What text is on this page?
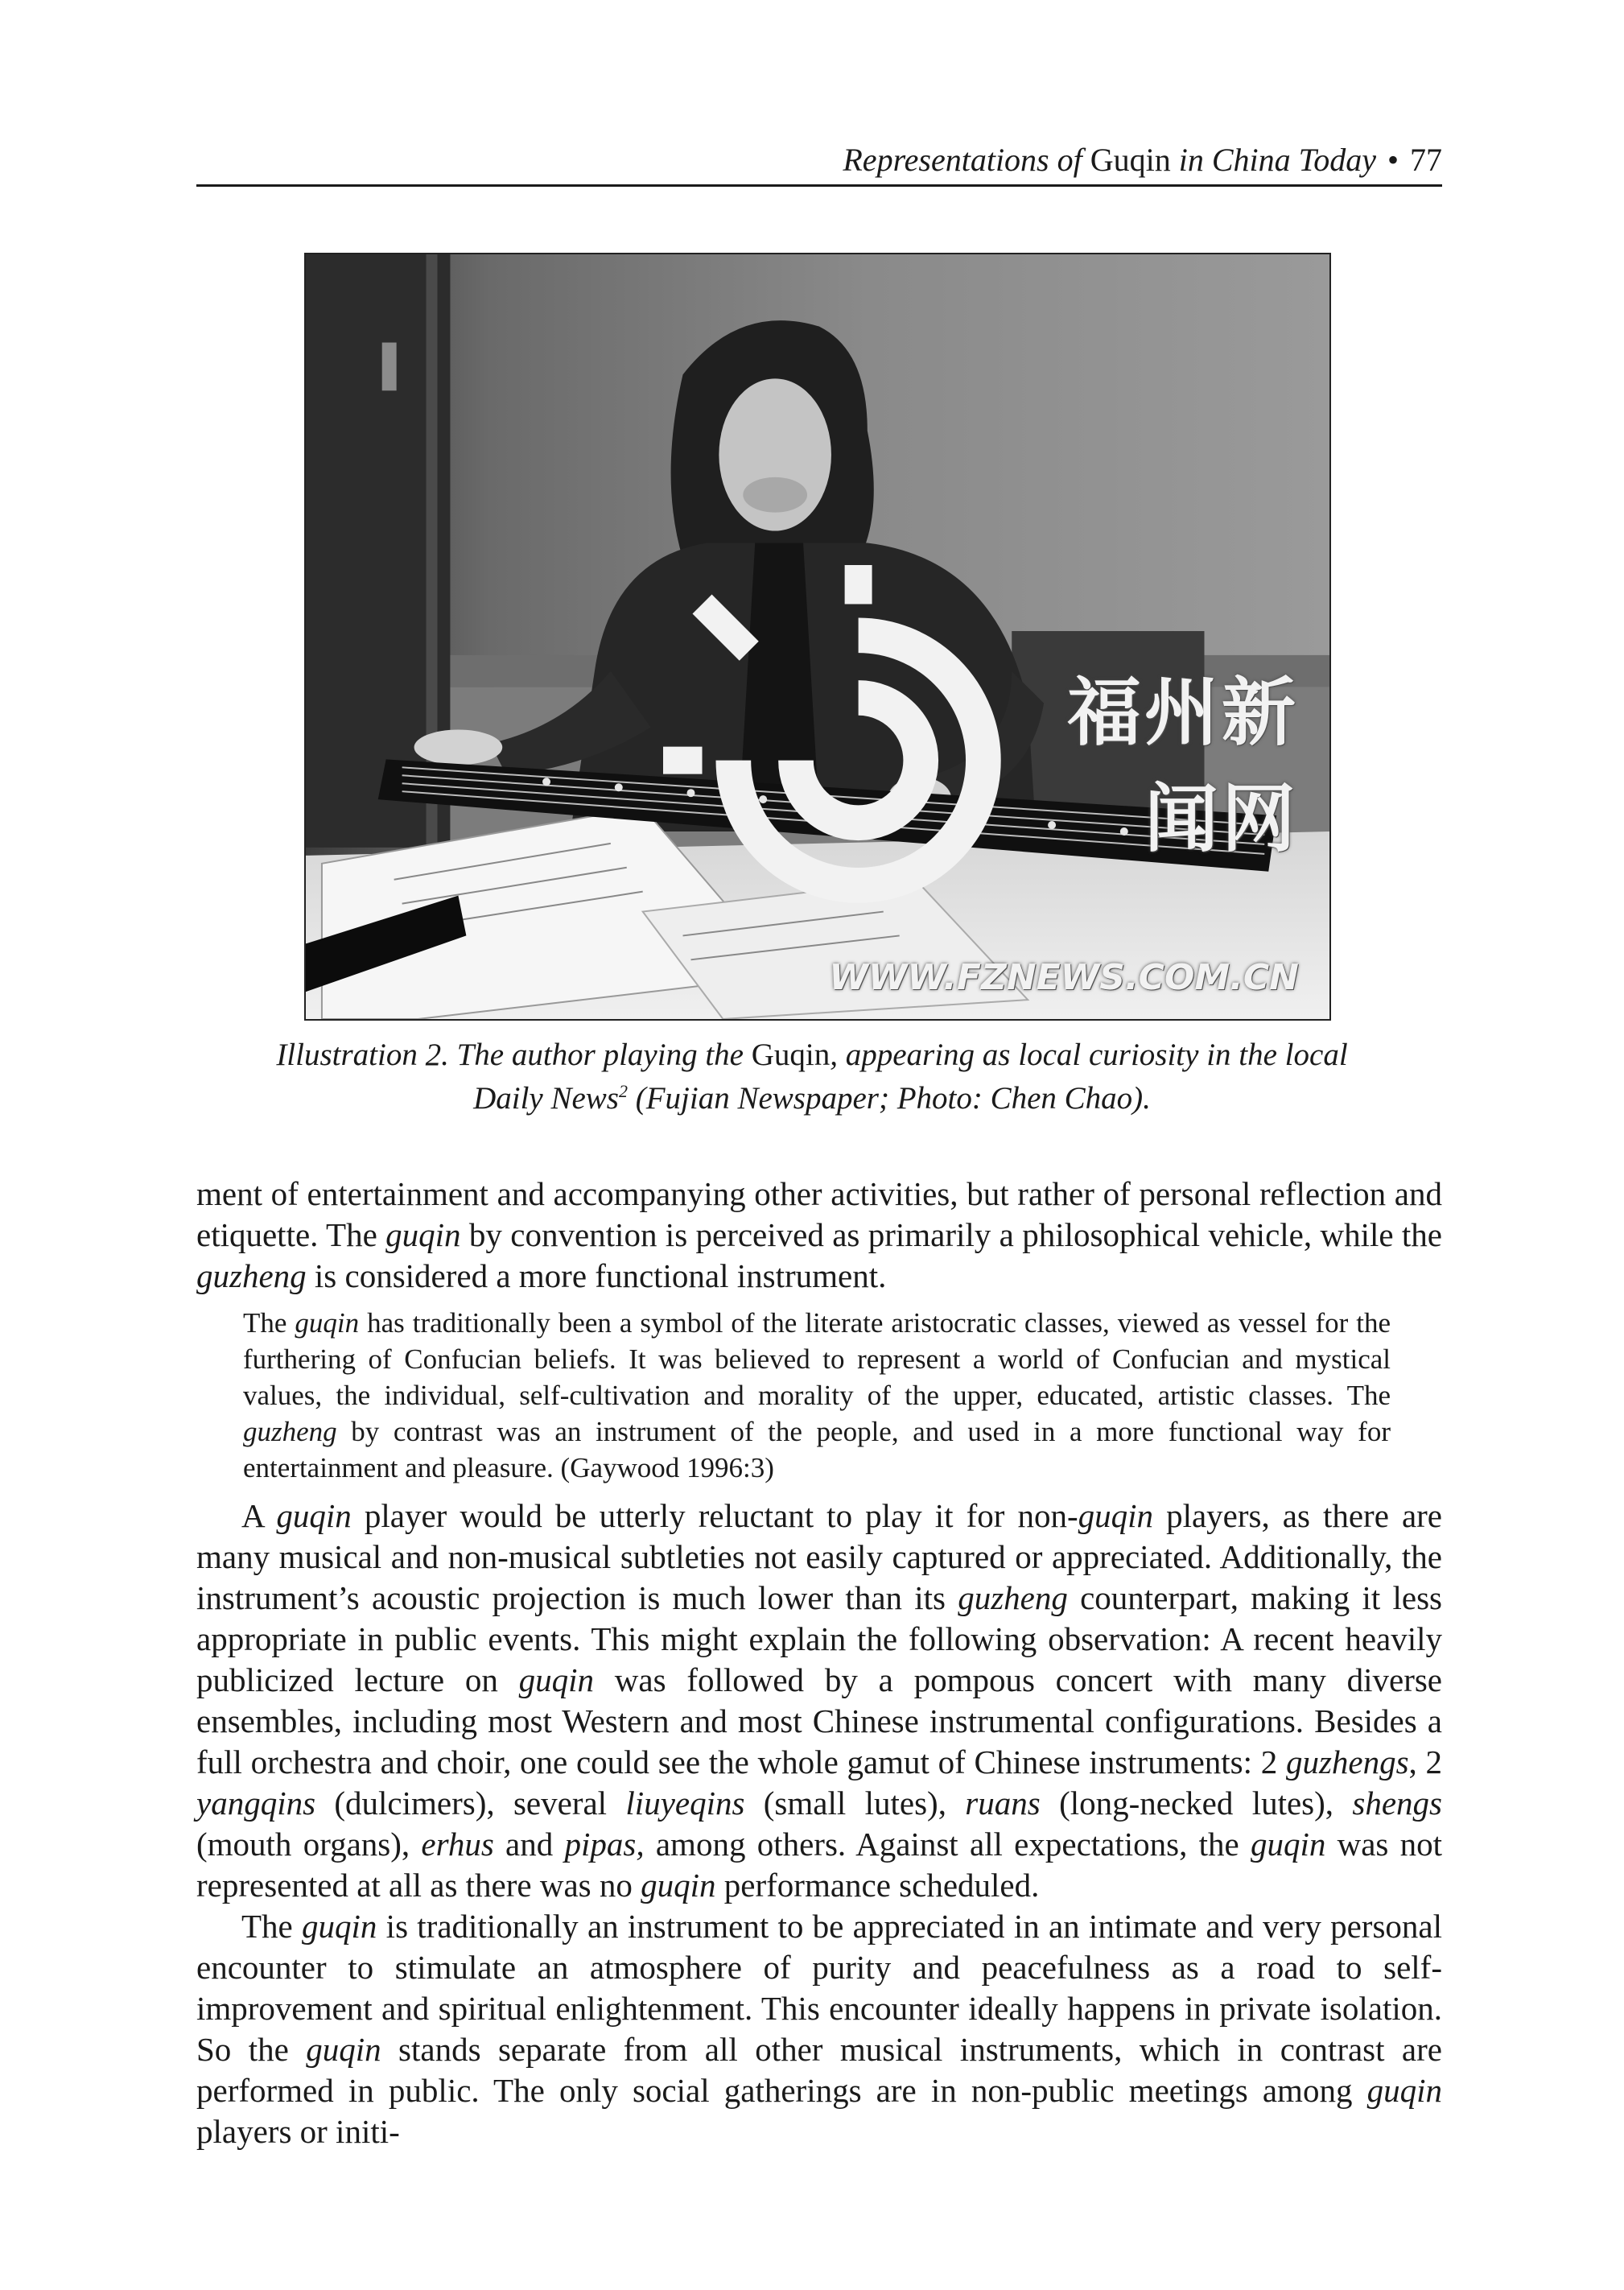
Representations of
Guqin
in China Today • 77
福州新闻网
WWW.FZNEWS.COM.CN
Illustration 2. The author playing the Guqin, appearing as local curiosity in the local Daily News$^2$ (Fujian Newspaper; Photo: Chen Chao).

ment of entertainment and accompanying other activities, but rather of personal reflection and etiquette. The guqin by convention is perceived as primarily a philosophical vehicle, while the guzheng is considered a more functional instrument.

The guqin has traditionally been a symbol of the literate aristocratic classes, viewed as vessel for the furthering of Confucian beliefs. It was believed to represent a world of Confucian and mystical values, the individual, self-cultivation and morality of the upper, educated, artistic classes. The guzheng by contrast was an instrument of the people, and used in a more functional way for entertainment and pleasure. (Gaywood 1996:3)

A guqin player would be utterly reluctant to play it for non-guqin players, as there are many musical and non-musical subtleties not easily captured or appreciated. Additionally, the instrument’s acoustic projection is much lower than its guzheng counterpart, making it less appropriate in public events. This might explain the following observation: A recent heavily publicized lecture on guqin was followed by a pompous concert with many diverse ensembles, including most Western and most Chinese instrumental configurations. Besides a full orchestra and choir, one could see the whole gamut of Chinese instruments: 2 guzhengs, 2 yangqins (dulcimers), several liuyeqins (small lutes), ruans (long-necked lutes), shengs (mouth organs), erhus and pipas, among others. Against all expectations, the guqin was not represented at all as there was no guqin performance scheduled.

The guqin is traditionally an instrument to be appreciated in an intimate and very personal encounter to stimulate an atmosphere of purity and peacefulness as a road to self-improvement and spiritual enlightenment. This encounter ideally happens in private isolation. So the guqin stands separate from all other musical instruments, which in contrast are performed in public. The only social gatherings are in non-public meetings among guqin players or initi-
